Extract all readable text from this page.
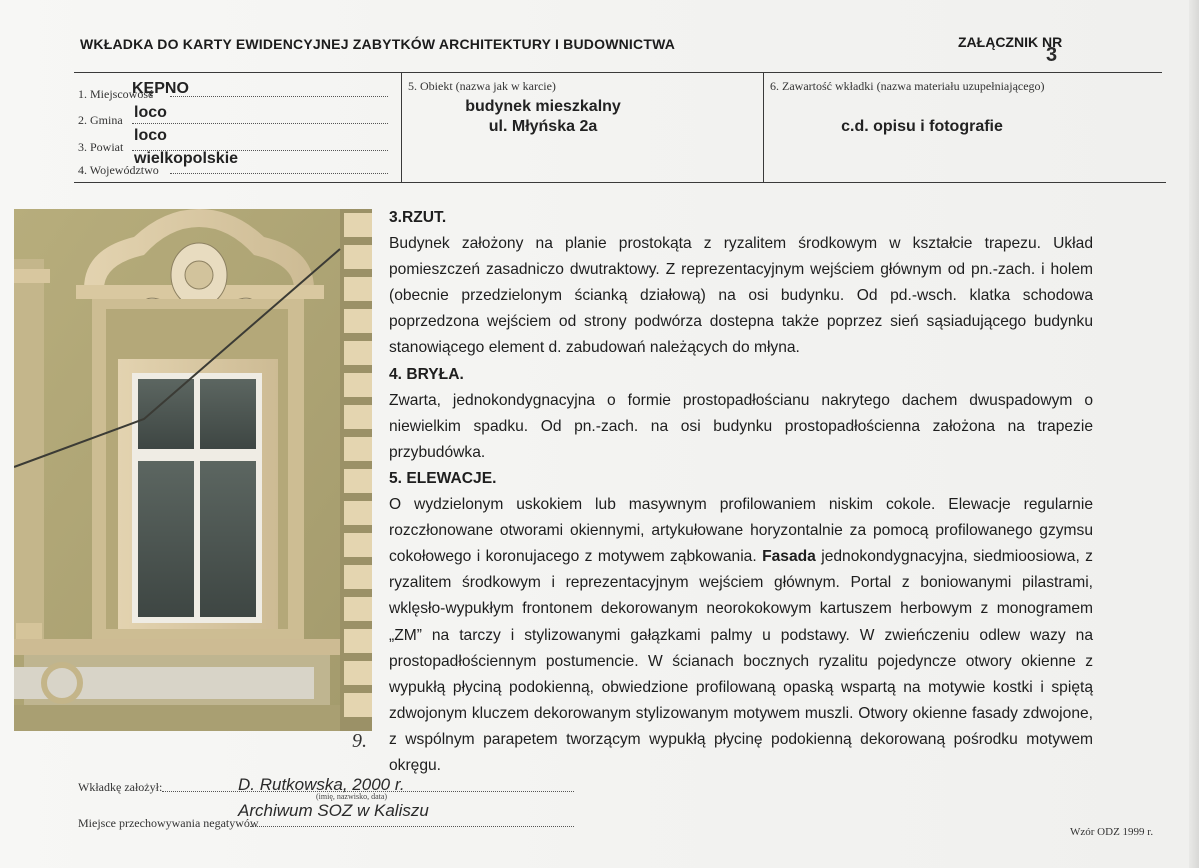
WKŁADKA DO KARTY EWIDENCYJNEJ ZABYTKÓW ARCHITEKTURY I BUDOWNICTWA	ZAŁĄCZNIK NR
3
1. Miejscowość
KĘPNO
2. Gmina loco
3. Powiat
loco
4. Województwo
wielkopolskie
5. Obiekt (nazwa jak w karcie)
budynek mieszkalny
ul. Młyńska 2a
6. Zawartość wkładki (nazwa materiału uzupełniającego)
c.d. opisu i fotografie
9.
3.RZUT.

Budynek założony na planie prostokąta z ryzalitem środkowym w kształcie trapezu. Układ pomieszczeń zasadniczo dwutraktowy. Z reprezentacyjnym wejściem głównym od pn.-zach. i holem (obecnie przedzielonym ścianką działową) na osi budynku. Od pd.-wsch. klatka schodowa poprzedzona wejściem od strony podwórza dostepna także poprzez sień sąsiadującego budynku stanowiącego element d. zabudowań należących do młyna.

4. BRYŁA.

Zwarta, jednokondygnacyjna o formie prostopadłościanu nakrytego dachem dwuspadowym o niewielkim spadku. Od pn.-zach. na osi budynku prostopadłościenna założona na trapezie przybudówka.

5. ELEWACJE.

O wydzielonym uskokiem lub masywnym profilowaniem niskim cokole. Elewacje regularnie rozczłonowane otworami okiennymi, artykułowane horyzontalnie za pomocą profilowanego gzymsu cokołowego i koronujacego z motywem ząbkowania. Fasada jednokondygnacyjna, siedmioosiowa, z ryzalitem środkowym i reprezentacyjnym wejściem głównym. Portal z boniowanymi pilastrami, wklęsło-wypukłym frontonem dekorowanym neorokokowym kartuszem herbowym z monogramem „ZM” na tarczy i stylizowanymi gałązkami palmy u podstawy. W zwieńczeniu odlew wazy na prostopadłościennym postumencie. W ścianach bocznych ryzalitu pojedyncze otwory okienne z wypukłą płyciną podokienną, obwiedzione profilowaną opaską wspartą na motywie kostki i spiętą zdwojonym kluczem dekorowanym stylizowanym motywem muszli. Otwory okienne fasady zdwojone, z wspólnym parapetem tworzącym wypukłą płycinę podokienną dekorowaną pośrodku motywem okręgu.

Wkładkę założył:	D. Rutkowska, 2000 r.
(imię, nazwisko, data)
Miejsce przechowywania negatywów
Archiwum SOZ w Kaliszu
Wzór ODZ 1999 r.
